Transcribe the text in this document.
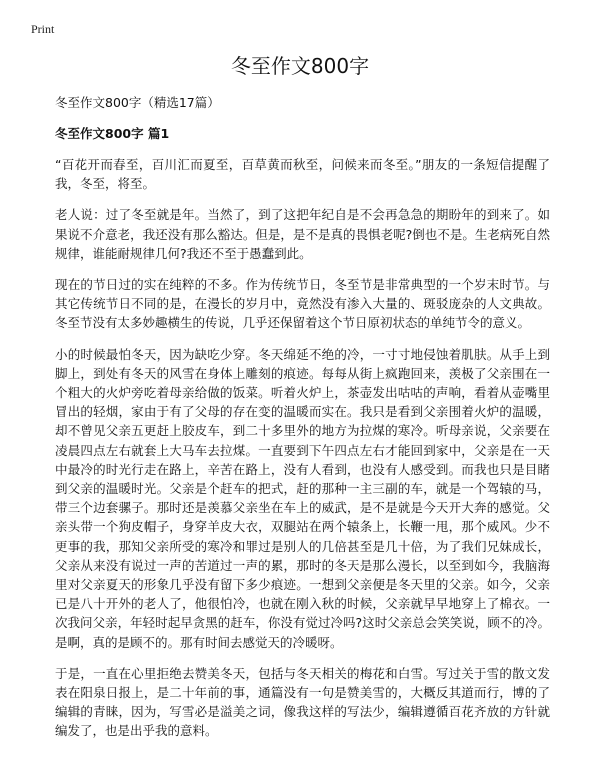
Print
冬至作文800字
冬至作文800字（精选17篇）
冬至作文800字 篇1

“百花开而春至，百川汇而夏至，百草黄而秋至，问候来而冬至。”朋友的一条短信提醒了我，冬至，将至。

老人说：过了冬至就是年。当然了，到了这把年纪自是不会再急急的期盼年的到来了。如果说不介意老，我还没有那么豁达。但是，是不是真的畏惧老呢?倒也不是。生老病死自然规律，谁能耐规律几何?我还不至于愚蠢到此。

现在的节日过的实在纯粹的不多。作为传统节日，冬至节是非常典型的一个岁末时节。与其它传统节日不同的是，在漫长的岁月中，竟然没有渗入大量的、斑驳庞杂的人文典故。冬至节没有太多妙趣横生的传说，几乎还保留着这个节日原初状态的单纯节令的意义。

小的时候最怕冬天，因为缺吃少穿。冬天绵延不绝的冷，一寸寸地侵蚀着肌肤。从手上到脚上，到处有冬天的风雪在身体上雕刻的痕迹。每每从街上疯跑回来，羡极了父亲围在一个粗大的火炉旁吃着母亲给做的饭菜。听着火炉上，茶壶发出咕咕的声响，看着从壶嘴里冒出的轻烟，家由于有了父母的存在变的温暖而实在。我只是看到父亲围着火炉的温暖，却不曾见父亲五更赶上胶皮车，到二十多里外的地方为拉煤的寒冷。听母亲说，父亲要在凌晨四点左右就套上大马车去拉煤。一直要到下午四点左右才能回到家中，父亲是在一天中最冷的时光行走在路上，辛苦在路上，没有人看到，也没有人感受到。而我也只是目睹到父亲的温暖时光。父亲是个赶车的把式，赶的那种一主三副的车，就是一个驾辕的马，带三个边套骡子。那时还是羡慕父亲坐在车上的威武，是不是就是今天开大奔的感觉。父亲头带一个狗皮帽子，身穿羊皮大衣，双腿站在两个辕条上，长鞭一甩，那个威风。少不更事的我，那知父亲所受的寒冷和罪过是别人的几倍甚至是几十倍，为了我们兄妹成长，父亲从来没有说过一声的苦道过一声的累，那时的冬天是那么漫长，以至到如今，我脑海里对父亲夏天的形象几乎没有留下多少痕迹。一想到父亲便是冬天里的父亲。如今，父亲已是八十开外的老人了，他很怕冷，也就在刚入秋的时候，父亲就早早地穿上了棉衣。一次我问父亲，年轻时起早贪黑的赶车，你没有觉过冷吗?这时父亲总会笑笑说，顾不的冷。是啊，真的是顾不的。那有时间去感觉天的冷暖呀。

于是，一直在心里拒绝去赞美冬天，包括与冬天相关的梅花和白雪。写过关于雪的散文发表在阳泉日报上，是二十年前的事，通篇没有一句是赞美雪的，大概反其道而行，博的了编辑的青睐，因为，写雪必是溢美之词，像我这样的写法少，编辑遵循百花齐放的方针就编发了，也是出乎我的意料。
